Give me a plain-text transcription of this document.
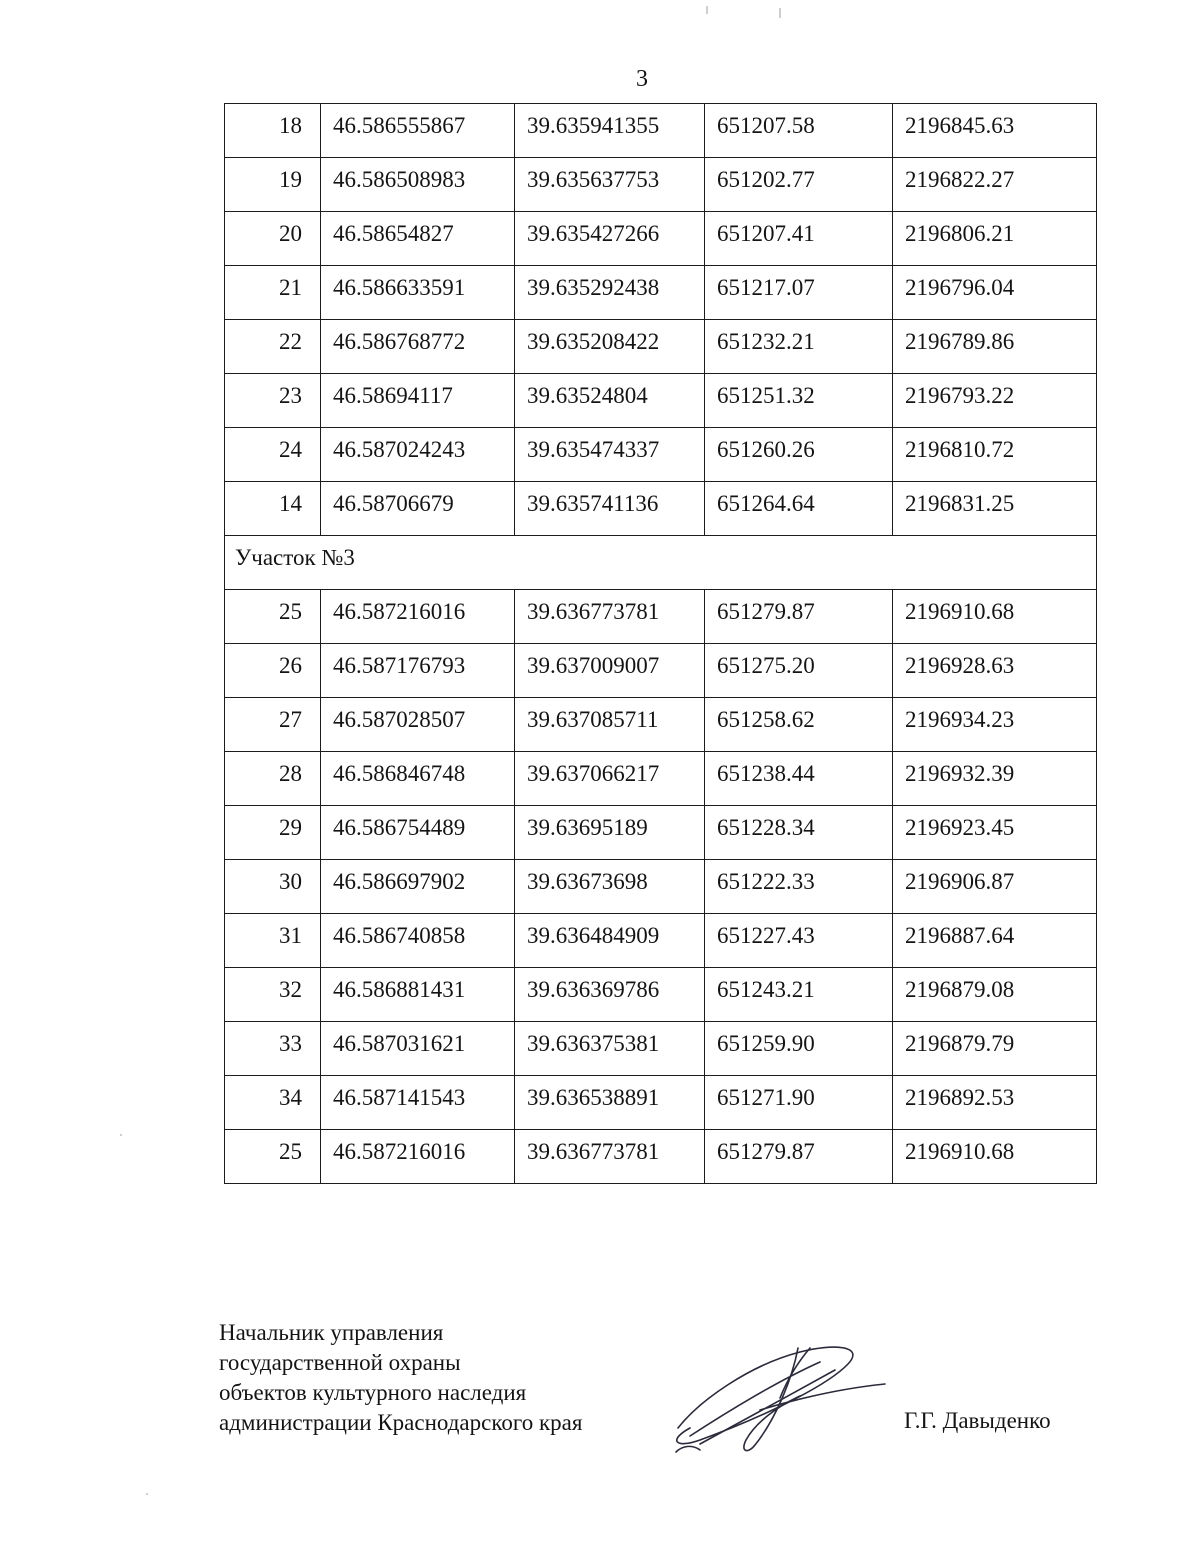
3
18	46.586555867	39.635941355	651207.58	2196845.63
19	46.586508983	39.635637753	651202.77	2196822.27
20	46.58654827	39.635427266	651207.41	2196806.21
21	46.586633591	39.635292438	651217.07	2196796.04
22	46.586768772	39.635208422	651232.21	2196789.86
23	46.58694117	39.63524804	651251.32	2196793.22
24	46.587024243	39.635474337	651260.26	2196810.72
14	46.58706679	39.635741136	651264.64	2196831.25
Участок №3				
25	46.587216016	39.636773781	651279.87	2196910.68
26	46.587176793	39.637009007	651275.20	2196928.63
27	46.587028507	39.637085711	651258.62	2196934.23
28	46.586846748	39.637066217	651238.44	2196932.39
29	46.586754489	39.63695189	651228.34	2196923.45
30	46.586697902	39.63673698	651222.33	2196906.87
31	46.586740858	39.636484909	651227.43	2196887.64
32	46.586881431	39.636369786	651243.21	2196879.08
33	46.587031621	39.636375381	651259.90	2196879.79
34	46.587141543	39.636538891	651271.90	2196892.53
25	46.587216016	39.636773781	651279.87	2196910.68
Начальник управления
государственной охраны
объектов культурного наследия
администрации Краснодарского края	Г.Г. Давыденко
